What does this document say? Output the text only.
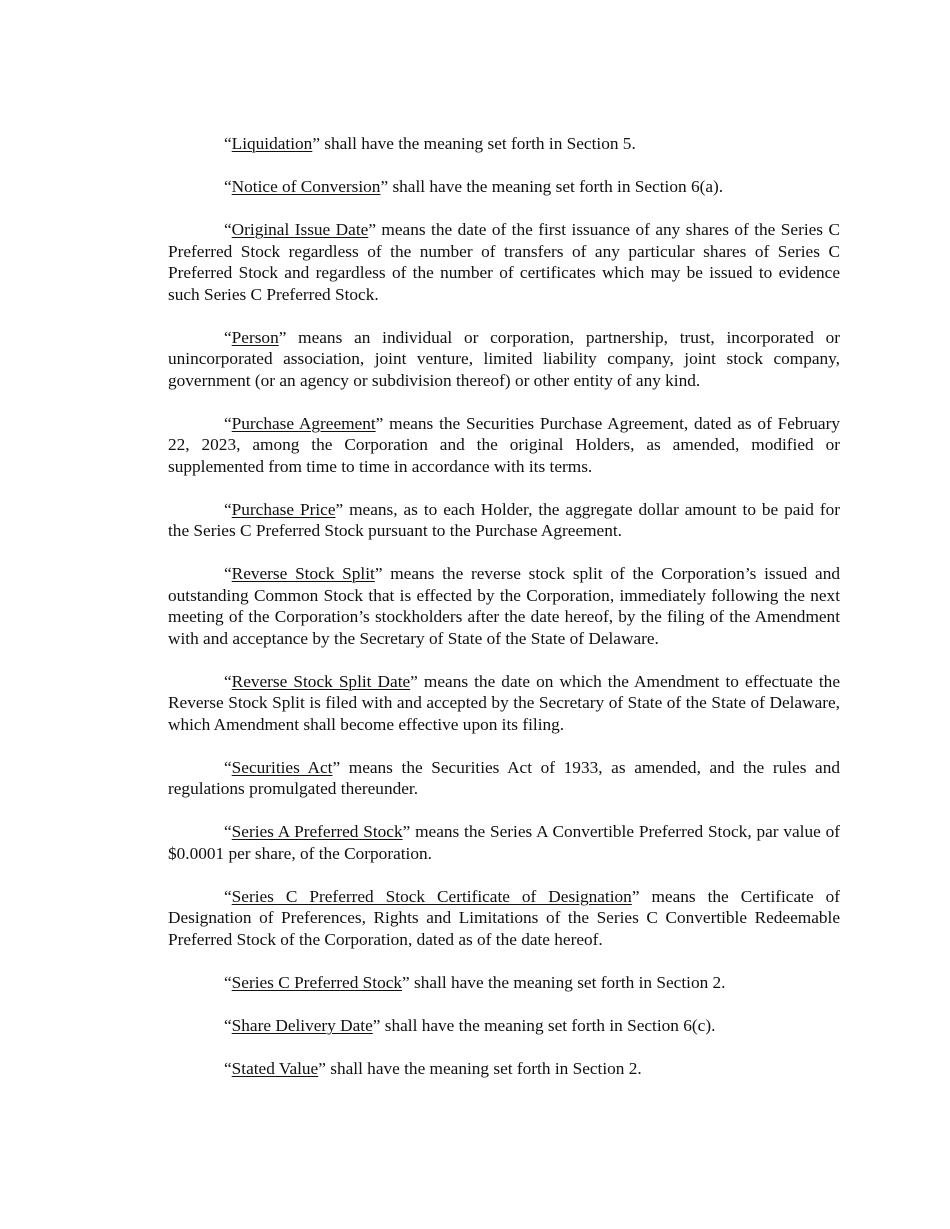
“Liquidation” shall have the meaning set forth in Section 5.

“Notice of Conversion” shall have the meaning set forth in Section 6(a).

“Original Issue Date” means the date of the first issuance of any shares of the Series C Preferred Stock regardless of the number of transfers of any particular shares of Series C Preferred Stock and regardless of the number of certificates which may be issued to evidence such Series C Preferred Stock.

“Person” means an individual or corporation, partnership, trust, incorporated or unincorporated association, joint venture, limited liability company, joint stock company, government (or an agency or subdivision thereof) or other entity of any kind.

“Purchase Agreement” means the Securities Purchase Agreement, dated as of February 22, 2023, among the Corporation and the original Holders, as amended, modified or supplemented from time to time in accordance with its terms.

“Purchase Price” means, as to each Holder, the aggregate dollar amount to be paid for the Series C Preferred Stock pursuant to the Purchase Agreement.

“Reverse Stock Split” means the reverse stock split of the Corporation’s issued and outstanding Common Stock that is effected by the Corporation, immediately following the next meeting of the Corporation’s stockholders after the date hereof, by the filing of the Amendment with and acceptance by the Secretary of State of the State of Delaware.

“Reverse Stock Split Date” means the date on which the Amendment to effectuate the Reverse Stock Split is filed with and accepted by the Secretary of State of the State of Delaware, which Amendment shall become effective upon its filing.

“Securities Act” means the Securities Act of 1933, as amended, and the rules and regulations promulgated thereunder.

“Series A Preferred Stock” means the Series A Convertible Preferred Stock, par value of $0.0001 per share, of the Corporation.

“Series C Preferred Stock Certificate of Designation” means the Certificate of Designation of Preferences, Rights and Limitations of the Series C Convertible Redeemable Preferred Stock of the Corporation, dated as of the date hereof.

“Series C Preferred Stock” shall have the meaning set forth in Section 2.

“Share Delivery Date” shall have the meaning set forth in Section 6(c).

“Stated Value” shall have the meaning set forth in Section 2.
